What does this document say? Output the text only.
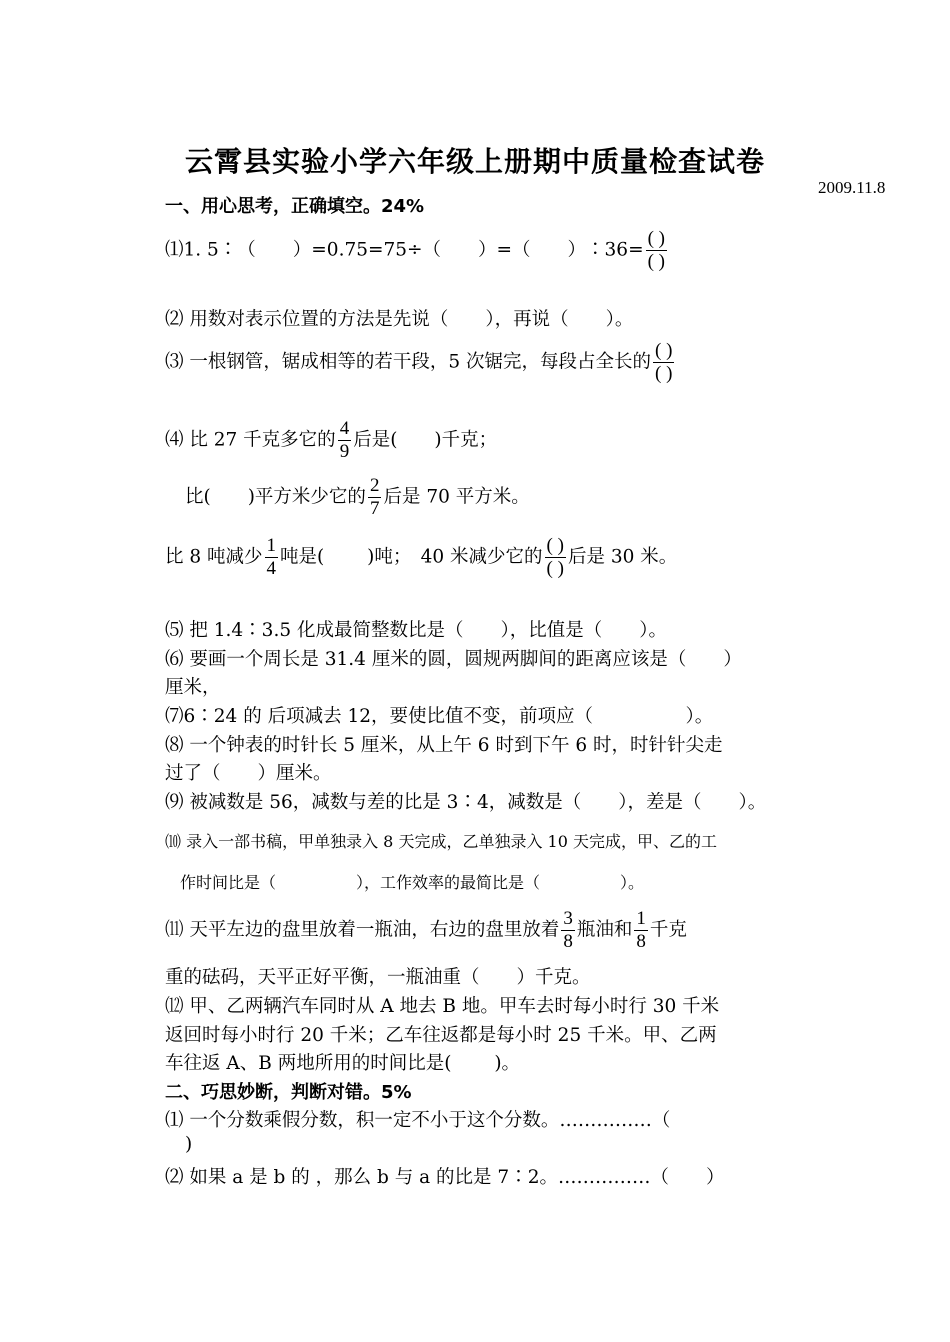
云霄县实验小学六年级上册期中质量检查试卷
2009.11.8
一、用心思考，正确填空。24%
⑴1. 5∶（　　）=0.75=75÷（　　）=（　　）∶36= $\frac{( )}{( )}$
⑵ 用数对表示位置的方法是先说（　　），再说（　　）。
⑶ 一根钢管，锯成相等的若干段，5 次锯完，每段占全长的 $\frac{( )}{( )}$
⑷ 比 27 千克多它的 $\frac{4}{9}$ 后是(　　)千克；
比(　　)平方米少它的 $\frac{2}{7}$ 后是 70 平方米。
比 8 吨减少 $\frac{1}{4}$ 吨是(　　 )吨；　40 米减少它的 $\frac{( )}{( )}$ 后是 30 米。
⑸ 把 1.4∶3.5 化成最简整数比是（　　），比值是（　　）。
⑹ 要画一个周长是 31.4 厘米的圆，圆规两脚间的距离应该是（　　）
厘米，
⑺6∶24 的 后项减去 12，要使比值不变，前项应（　　　　　）。
⑻ 一个钟表的时针长 5 厘米，从上午 6 时到下午 6 时，时针针尖走
过了（　　）厘米。
⑼ 被减数是 56，减数与差的比是 3∶4，减数是（　　），差是（　　）。
⑽ 录入一部书稿，甲单独录入 8 天完成，乙单独录入 10 天完成，甲、乙的工
作时间比是（　　　　　），工作效率的最简比是（　　　　　）。
⑾ 天平左边的盘里放着一瓶油，右边的盘里放着 $\frac{3}{8}$ 瓶油和 $\frac{1}{8}$ 千克
重的砝码，天平正好平衡，一瓶油重（　　）千克。
⑿ 甲、乙两辆汽车同时从 A 地去 B 地。甲车去时每小时行 30 千米
返回时每小时行 20 千米；乙车往返都是每小时 25 千米。甲、乙两
车往返 A、B 两地所用的时间比是(　　 )。
二、巧思妙断，判断对错。5%
⑴ 一个分数乘假分数，积一定不小于这个分数。……………（
)
⑵ 如果 a 是 b 的 ，那么 b 与 a 的比是 7∶2。……………（　　）
